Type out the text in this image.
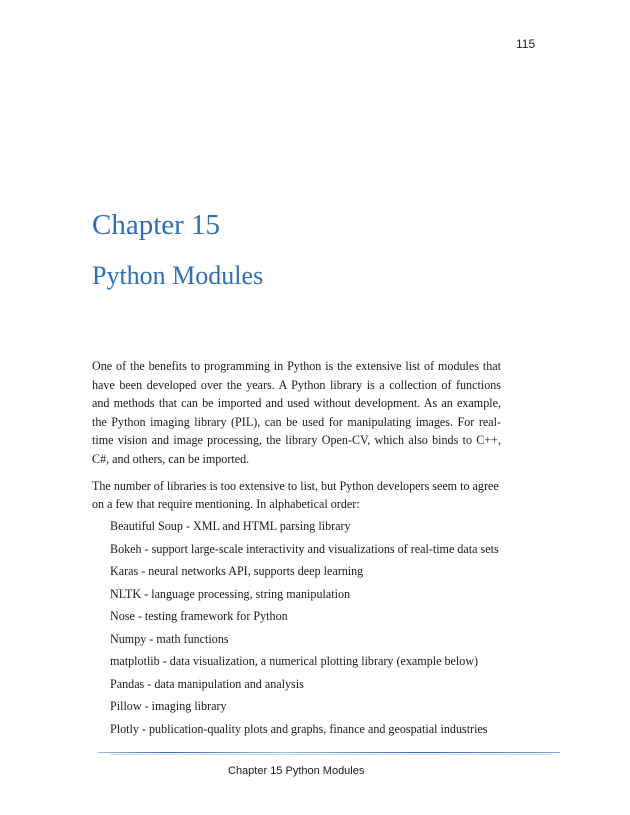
115
Chapter 15
Python Modules

One of the benefits to programming in Python is the extensive list of modules that have been developed over the years. A Python library is a collection of functions and methods that can be imported and used without development. As an example, the Python imaging library (PIL), can be used for manipulating images. For real-time vision and image processing, the library Open-CV, which also binds to C++, C#, and others, can be imported.

The number of libraries is too extensive to list, but Python developers seem to agree on a few that require mentioning. In alphabetical order:

Beautiful Soup - XML and HTML parsing library
Bokeh - support large-scale interactivity and visualizations of real-time data sets
Karas - neural networks API, supports deep learning
NLTK - language processing, string manipulation
Nose - testing framework for Python
Numpy - math functions
matplotlib - data visualization, a numerical plotting library (example below)
Pandas - data manipulation and analysis
Pillow - imaging library
Plotly - publication-quality plots and graphs, finance and geospatial industries
Chapter 15 Python Modules
